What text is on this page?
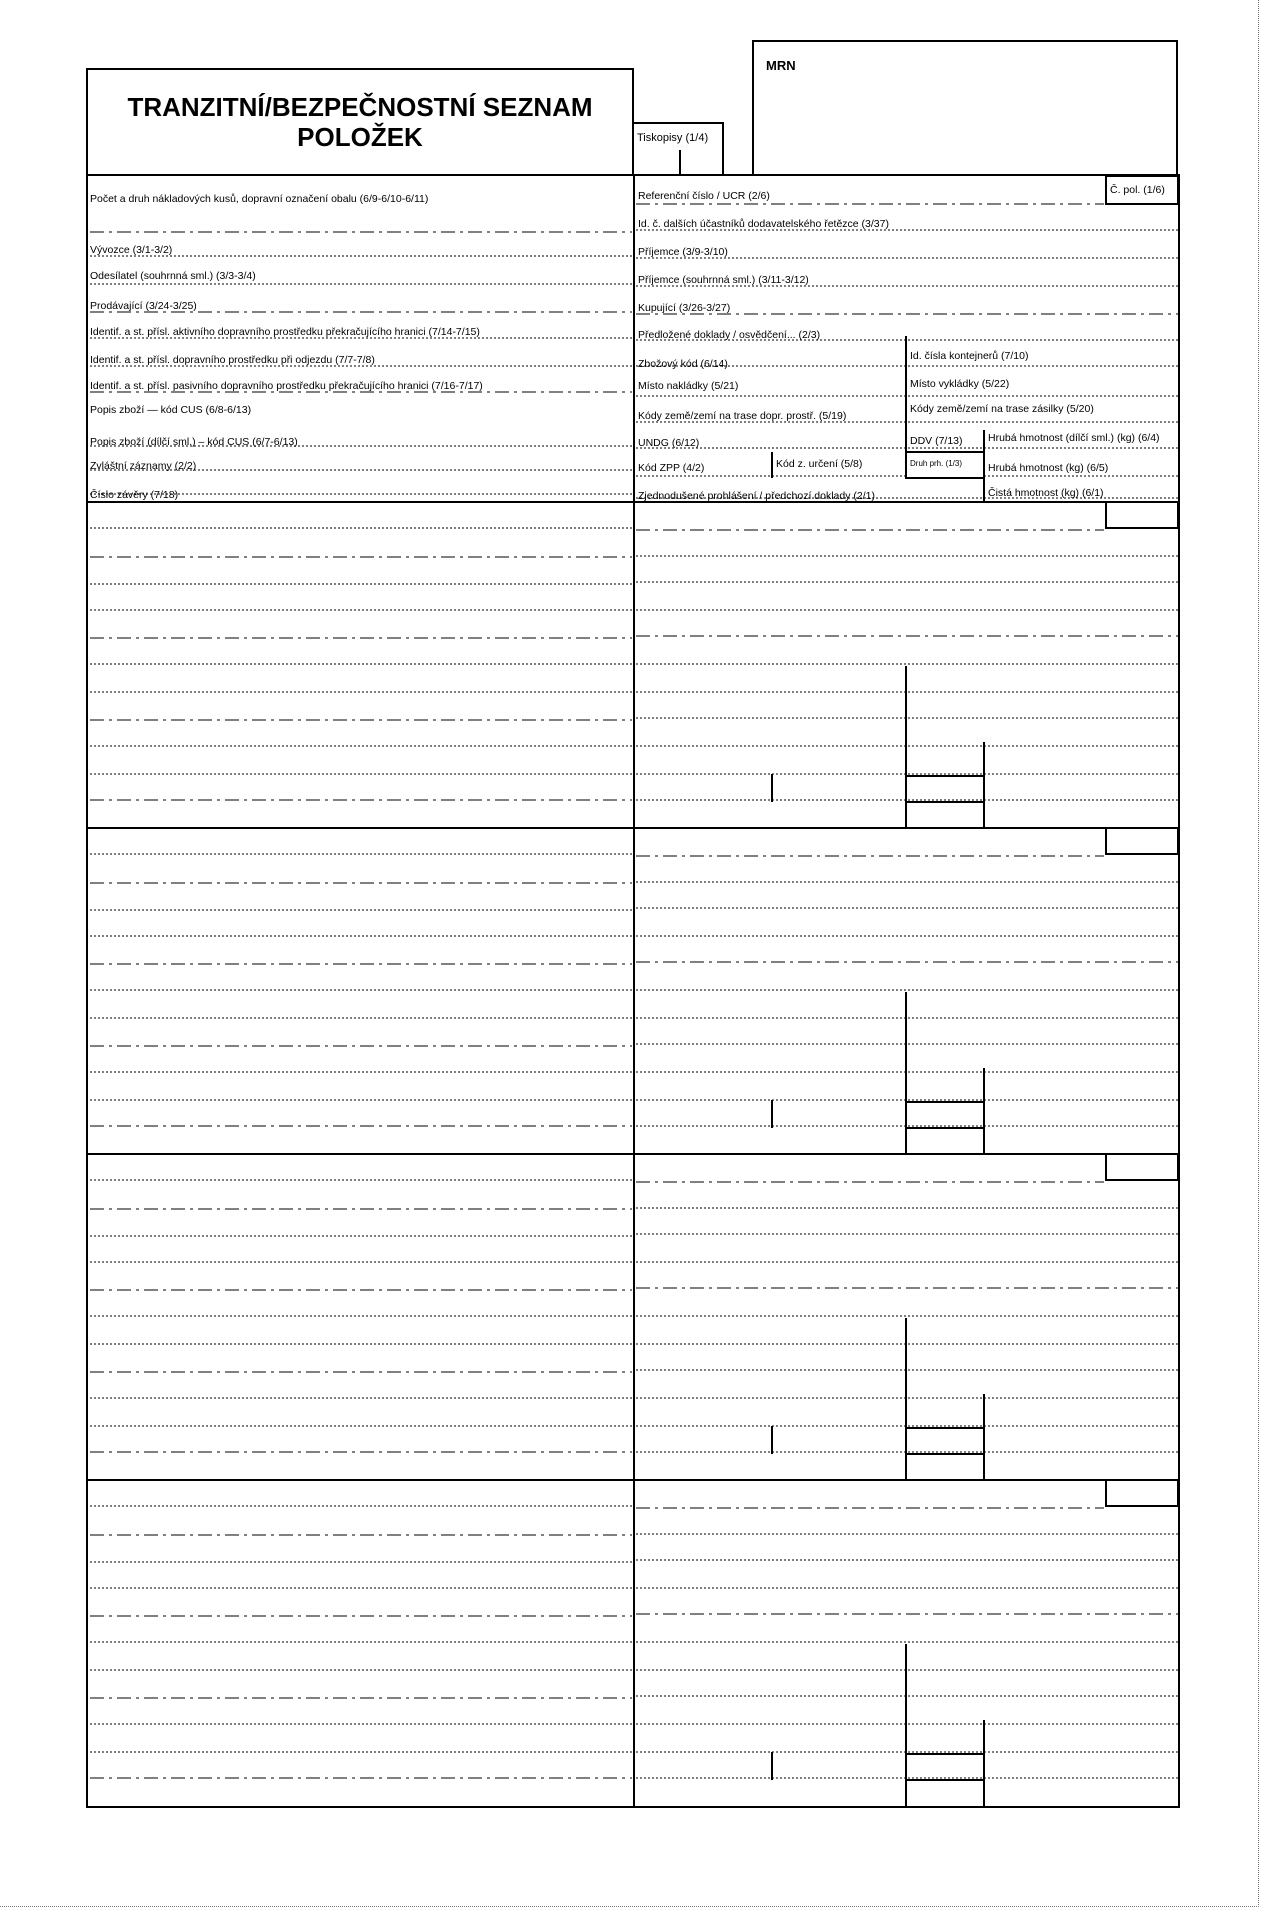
TRANZITNÍ/BEZPEČNOSTNÍ SEZNAM POLOŽEK	Tiskopisy (1/4)
MRN
Počet a druh nákladových kusů, dopravní označení obalu (6/9-6/10-6/11)
Vývozce (3/1-3/2)
Odesílatel (souhrnná sml.) (3/3-3/4)
Prodávající (3/24-3/25)
Identif. a st. přísl. aktivního dopravního prostředku překračujícího hranici (7/14-7/15)
Identif. a st. přísl. dopravního prostředku při odjezdu (7/7-7/8)
Identif. a st. přísl. pasivního dopravního prostředku překračujícího hranici (7/16-7/17)
Popis zboží — kód CUS (6/8-6/13)
Popis zboží (dílčí sml.) – kód CUS (6/7-6/13)
Zvláštní záznamy (2/2)
Číslo závěry (7/18)
Referenční číslo / UCR (2/6)	Č. pol. (1/6)
Id. č. dalších účastníků dodavatelského řetězce (3/37)
Příjemce (3/9-3/10)
Příjemce (souhrnná sml.) (3/11-3/12)
Kupující (3/26-3/27)
Předložené doklady / osvědčení... (2/3)
Id. čísla kontejnerů (7/10)
Zbožový kód (6/14)
Místo nakládky (5/21)	Místo vykládky (5/22)
Kódy země/zemí na trase dopr. prostř. (5/19)
Kódy země/zemí na trase zásilky (5/20)
UNDG (6/12)	DDV (7/13) Hrubá hmotnost (dílčí sml.) (kg) (6/4)
Kód ZPP (4/2)	Kód z. určení (5/8)	Druh prh. (1/3) Hrubá hmotnost (kg) (6/5)
Zjednodušené prohlášení / předchozí doklady (2/1)	Čistá hmotnost (kg) (6/1)
